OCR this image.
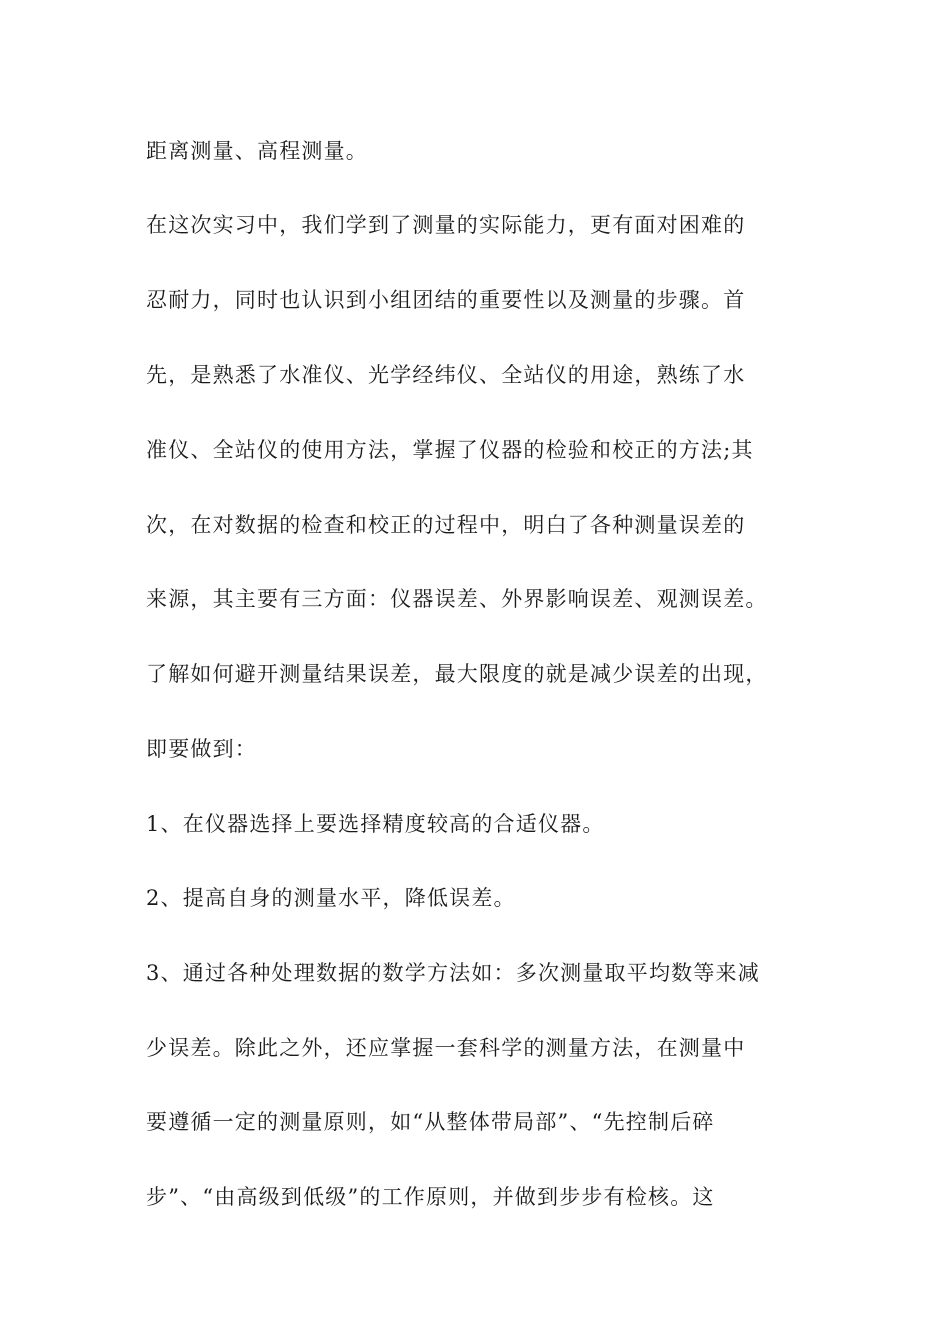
距离测量、高程测量。
在这次实习中，我们学到了测量的实际能力，更有面对困难的
忍耐力，同时也认识到小组团结的重要性以及测量的步骤。首
先，是熟悉了水准仪、光学经纬仪、全站仪的用途，熟练了水
准仪、全站仪的使用方法，掌握了仪器的检验和校正的方法;其
次，在对数据的检查和校正的过程中，明白了各种测量误差的
来源，其主要有三方面：仪器误差、外界影响误差、观测误差。
了解如何避开测量结果误差，最大限度的就是减少误差的出现，
即要做到：
1、在仪器选择上要选择精度较高的合适仪器。
2、提高自身的测量水平，降低误差。
3、通过各种处理数据的数学方法如：多次测量取平均数等来减
少误差。除此之外，还应掌握一套科学的测量方法，在测量中
要遵循一定的测量原则，如“从整体带局部”、“先控制后碎
步”、“由高级到低级”的工作原则，并做到步步有检核。这
